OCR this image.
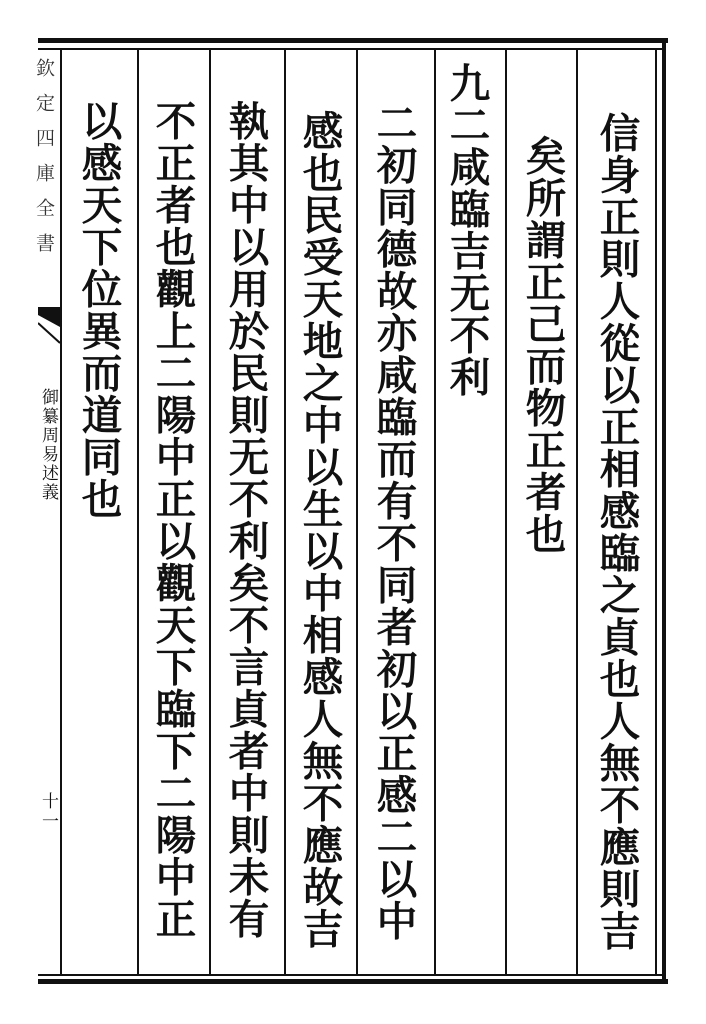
欽定四庫全書
御纂周易述義
十一	信身正則人從以正相感臨之貞也人無不應則吉
矣所謂正己而物正者也
九二咸臨吉无不利
二初同德故亦咸臨而有不同者初以正感二以中
感也民受天地之中以生以中相感人無不應故吉
執其中以用於民則无不利矣不言貞者中則未有
不正者也觀上二陽中正以觀天下臨下二陽中正
以感天下位異而道同也
